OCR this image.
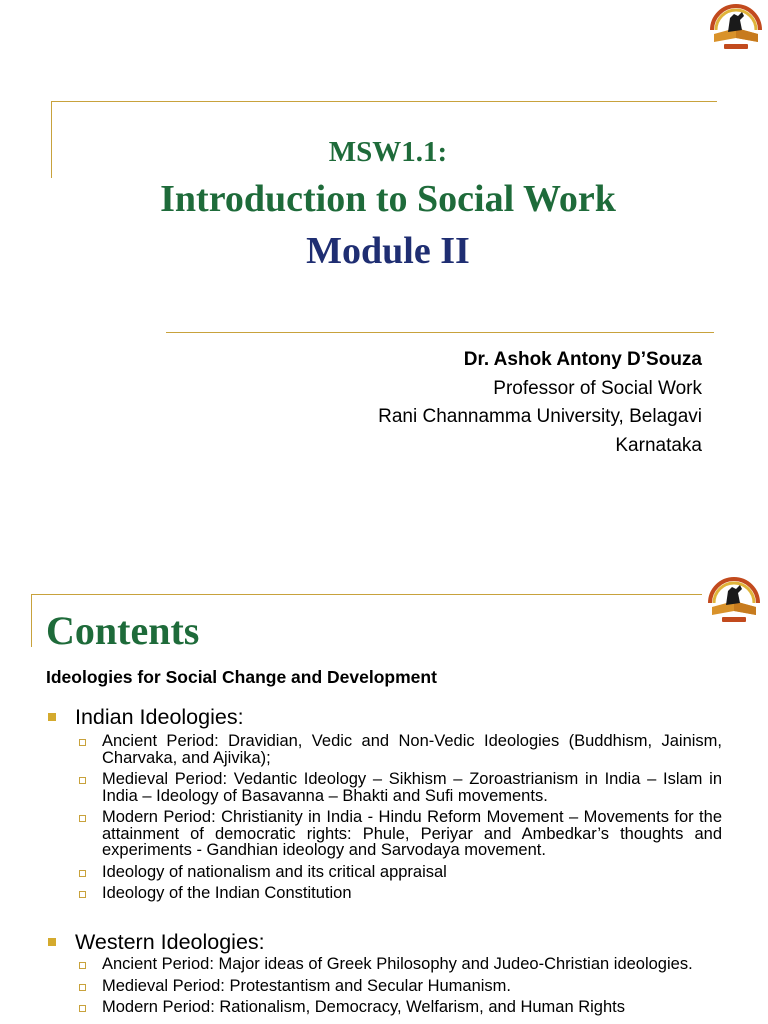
MSW1.1:
Introduction to Social Work
Module II
Dr. Ashok Antony D’Souza
Professor of Social Work
Rani Channamma University, Belagavi
Karnataka
Contents
Ideologies for Social Change and Development
Indian Ideologies:
Ancient Period: Dravidian, Vedic and Non-Vedic Ideologies (Buddhism, Jainism, Charvaka, and Ajivika);
Medieval Period: Vedantic Ideology – Sikhism – Zoroastrianism in India – Islam in India – Ideology of Basavanna – Bhakti and Sufi movements.
Modern Period: Christianity in India - Hindu Reform Movement – Movements for the attainment of democratic rights: Phule, Periyar and Ambedkar’s thoughts and experiments - Gandhian ideology and Sarvodaya movement.
Ideology of nationalism and its critical appraisal
Ideology of the Indian Constitution
Western Ideologies:
Ancient Period: Major ideas of Greek Philosophy and Judeo-Christian ideologies.
Medieval Period: Protestantism and Secular Humanism.
Modern Period: Rationalism, Democracy, Welfarism, and Human Rights
